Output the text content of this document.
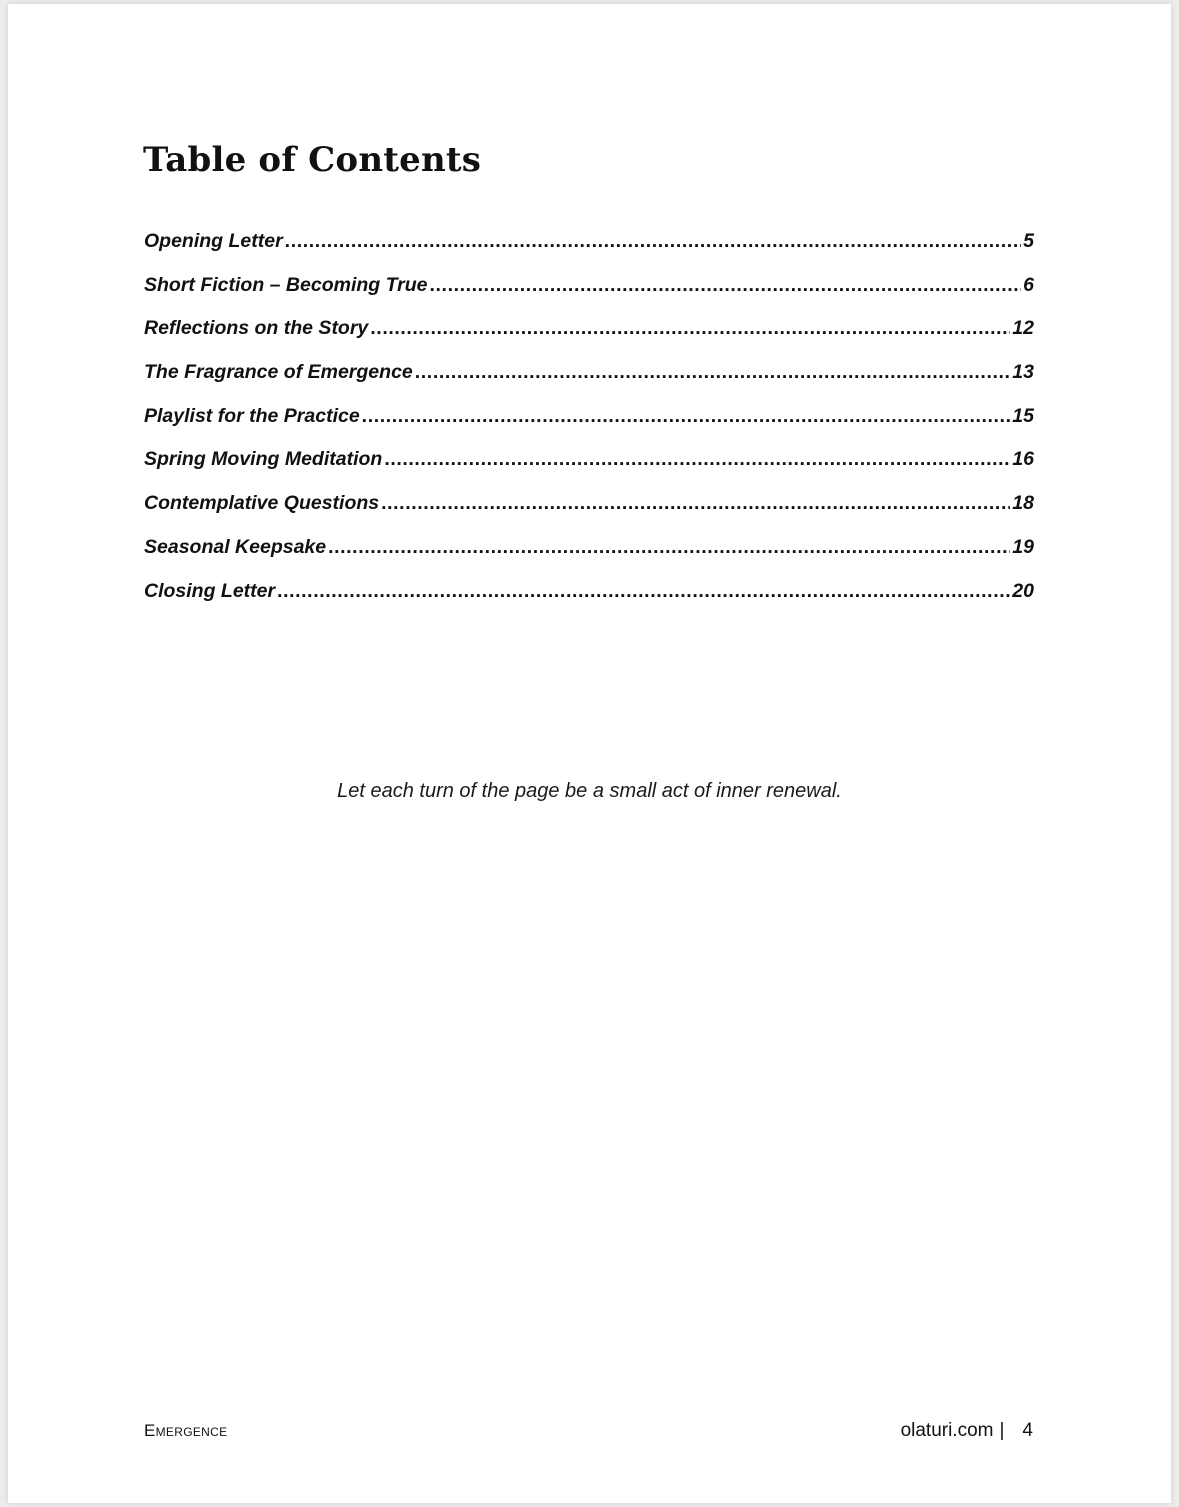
Table of Contents
Opening Letter .....	5
Short Fiction – Becoming True .....	6
Reflections on the Story .....	12
The Fragrance of Emergence .....	13
Playlist for the Practice .....	15
Spring Moving Meditation .....	16
Contemplative Questions .....	18
Seasonal Keepsake .....	19
Closing Letter .....	20

Let each turn of the page be a small act of inner renewal.

Emergence	olaturi.com | 4
